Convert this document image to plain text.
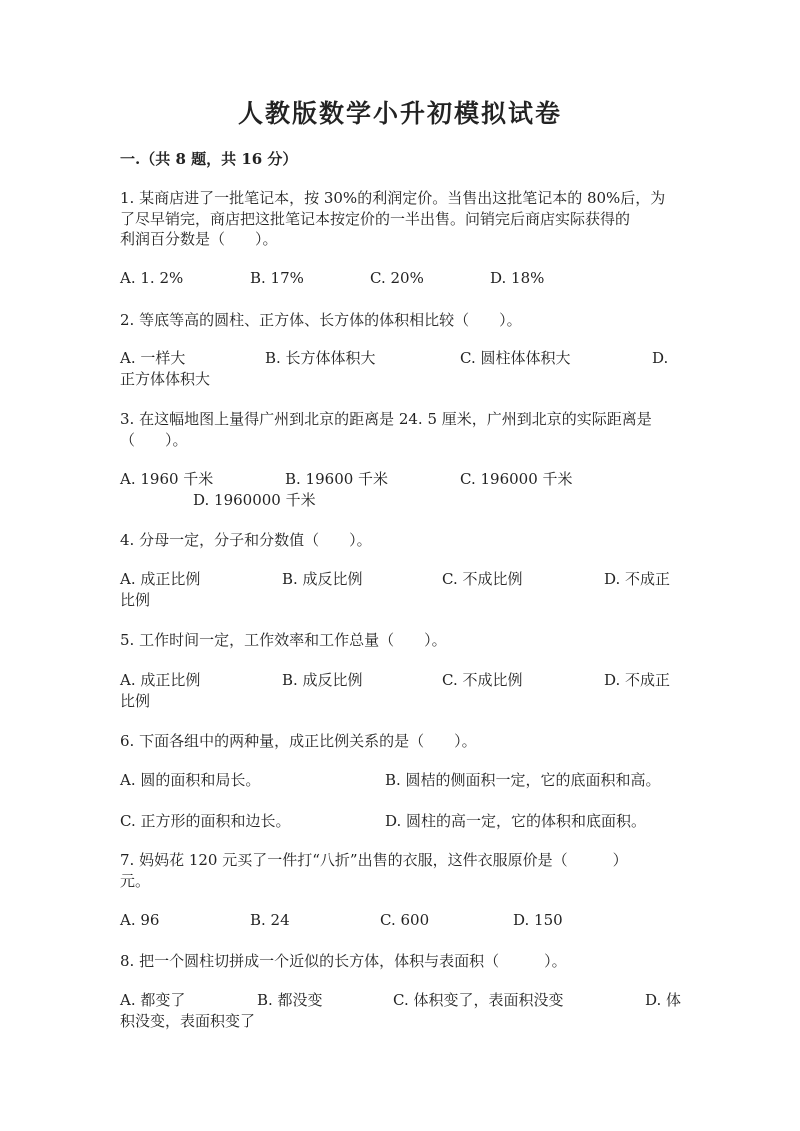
人教版数学小升初模拟试卷
一.（共 8 题，共 16 分）
1. 某商店进了一批笔记本，按 30%的利润定价。当售出这批笔记本的 80%后，为
了尽早销完，商店把这批笔记本按定价的一半出售。问销完后商店实际获得的
利润百分数是（　　）。
A. 1. 2%	B. 17%	C. 20%	D. 18%
2. 等底等高的圆柱、正方体、长方体的体积相比较（　　）。
A. 一样大	B. 长方体体积大	C. 圆柱体体积大	D.
正方体体积大
3. 在这幅地图上量得广州到北京的距离是 24. 5 厘米，广州到北京的实际距离是
（　　）。
A. 1960 千米	B. 19600 千米	C. 196000 千米
D. 1960000 千米
4. 分母一定，分子和分数值（　　）。
A. 成正比例	B. 成反比例	C. 不成比例	D. 不成正
比例
5. 工作时间一定，工作效率和工作总量（　　）。
A. 成正比例	B. 成反比例	C. 不成比例	D. 不成正
比例
6. 下面各组中的两种量，成正比例关系的是（　　）。
A. 圆的面积和局长。	B. 圆桔的侧面积一定，它的底面积和高。
C. 正方形的面积和边长。	D. 圆柱的高一定，它的体积和底面积。
7. 妈妈花 120 元买了一件打“八折”出售的衣服，这件衣服原价是（　　　）
元。
A. 96	B. 24	C. 600	D. 150
8. 把一个圆柱切拼成一个近似的长方体，体积与表面积（　　　）。
A. 都变了	B. 都没变	C. 体积变了，表面积没变	D. 体
积没变，表面积变了
